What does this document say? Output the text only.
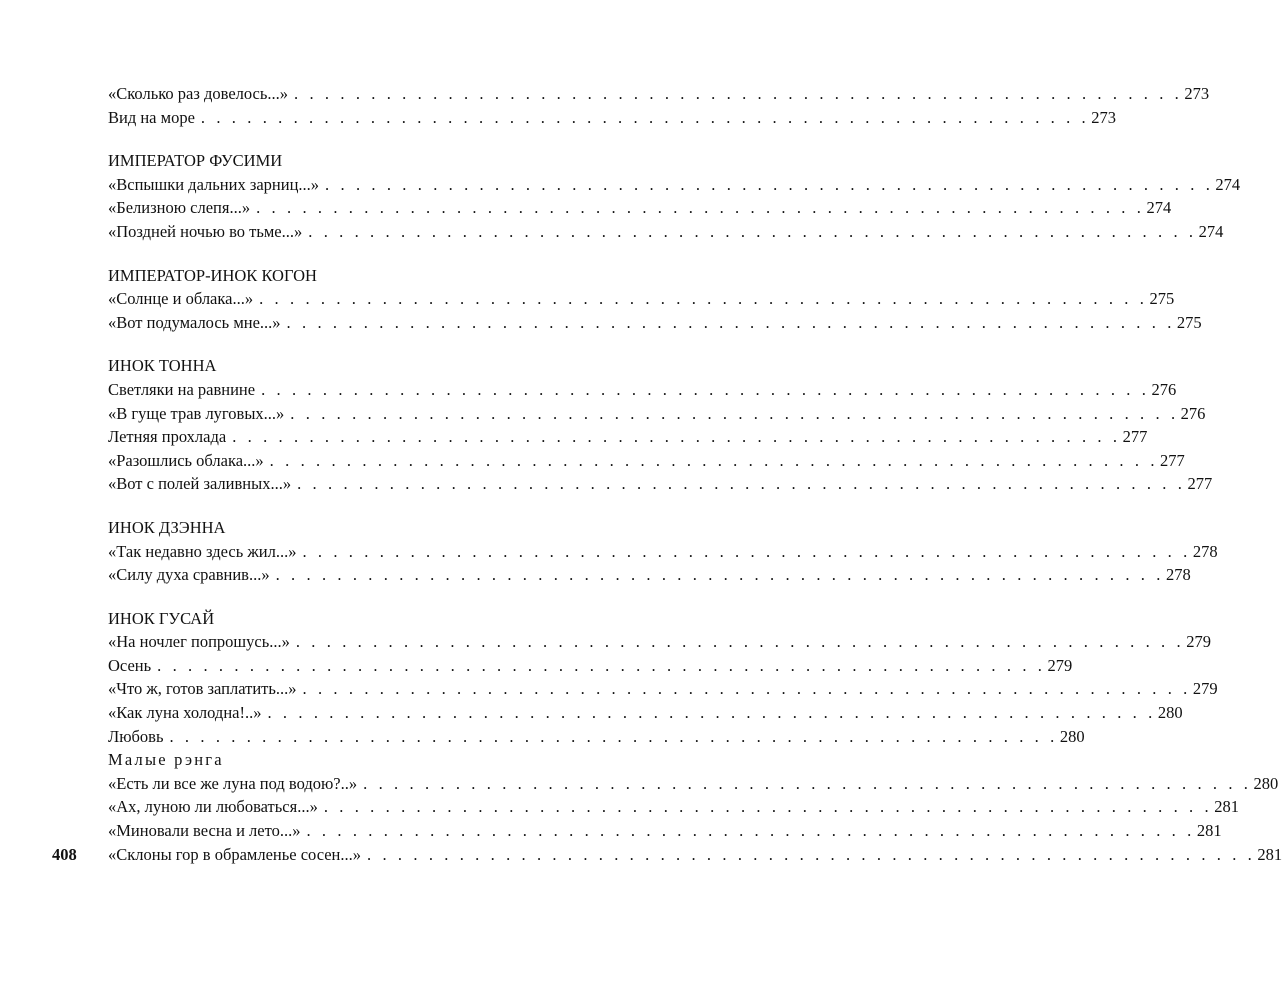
«Сколько раз довелось...» . . . . . . . . . . . . . . . . . . . . . . . . . . . . . . . . . . . . . . . . . . . . . . . . . . . . . . . . . . 273
Вид на море . . . . . . . . . . . . . . . . . . . . . . . . . . . . . . . . . . . . . . . . . . . . . . . . . . . . . . . . . . 273
ИМПЕРАТОР ФУСИМИ
«Вспышки дальних зарниц...» . . . . . . . . . . . . . . . . . . . . . . . . . . . . . . . . . . . . . . . . . . . . . . . . . . . . . . . . . . 274
«Белизною слепя...» . . . . . . . . . . . . . . . . . . . . . . . . . . . . . . . . . . . . . . . . . . . . . . . . . . . . . . . . . . 274
«Поздней ночью во тьме...» . . . . . . . . . . . . . . . . . . . . . . . . . . . . . . . . . . . . . . . . . . . . . . . . . . . . . . . . . . 274
ИМПЕРАТОР-ИНОК КОГОН
«Солнце и облака...» . . . . . . . . . . . . . . . . . . . . . . . . . . . . . . . . . . . . . . . . . . . . . . . . . . . . . . . . . . 275
«Вот подумалось мне...» . . . . . . . . . . . . . . . . . . . . . . . . . . . . . . . . . . . . . . . . . . . . . . . . . . . . . . . . . . 275
ИНОК ТОННА
Светляки на равнине . . . . . . . . . . . . . . . . . . . . . . . . . . . . . . . . . . . . . . . . . . . . . . . . . . . . . . . . . . 276
«В гуще трав луговых...» . . . . . . . . . . . . . . . . . . . . . . . . . . . . . . . . . . . . . . . . . . . . . . . . . . . . . . . . . . 276
Летняя прохлада . . . . . . . . . . . . . . . . . . . . . . . . . . . . . . . . . . . . . . . . . . . . . . . . . . . . . . . . . . 277
«Разошлись облака...» . . . . . . . . . . . . . . . . . . . . . . . . . . . . . . . . . . . . . . . . . . . . . . . . . . . . . . . . . . 277
«Вот с полей заливных...» . . . . . . . . . . . . . . . . . . . . . . . . . . . . . . . . . . . . . . . . . . . . . . . . . . . . . . . . . . 277
ИНОК ДЗЭННА
«Так недавно здесь жил...» . . . . . . . . . . . . . . . . . . . . . . . . . . . . . . . . . . . . . . . . . . . . . . . . . . . . . . . . . . 278
«Силу духа сравнив...» . . . . . . . . . . . . . . . . . . . . . . . . . . . . . . . . . . . . . . . . . . . . . . . . . . . . . . . . . . 278
ИНОК ГУСАЙ
«На ночлег попрошусь...» . . . . . . . . . . . . . . . . . . . . . . . . . . . . . . . . . . . . . . . . . . . . . . . . . . . . . . . . . . 279
Осень . . . . . . . . . . . . . . . . . . . . . . . . . . . . . . . . . . . . . . . . . . . . . . . . . . . . . . . . . . 279
«Что ж, готов заплатить...» . . . . . . . . . . . . . . . . . . . . . . . . . . . . . . . . . . . . . . . . . . . . . . . . . . . . . . . . . . 279
«Как луна холодна!..» . . . . . . . . . . . . . . . . . . . . . . . . . . . . . . . . . . . . . . . . . . . . . . . . . . . . . . . . . . 280
Любовь . . . . . . . . . . . . . . . . . . . . . . . . . . . . . . . . . . . . . . . . . . . . . . . . . . . . . . . . . . 280
Малые рэнга
«Есть ли все же луна под водою?..» . . . . . . . . . . . . . . . . . . . . . . . . . . . . . . . . . . . . . . . . . . . . . . . . . . . . . . . . . . 280
«Ах, луною ли любоваться...» . . . . . . . . . . . . . . . . . . . . . . . . . . . . . . . . . . . . . . . . . . . . . . . . . . . . . . . . . . 281
«Миновали весна и лето...» . . . . . . . . . . . . . . . . . . . . . . . . . . . . . . . . . . . . . . . . . . . . . . . . . . . . . . . . . . 281
«Склоны гор в обрамленье сосен...» . . . . . . . . . . . . . . . . . . . . . . . . . . . . . . . . . . . . . . . . . . . . . . . . . . . . . . . . . . 281
408
